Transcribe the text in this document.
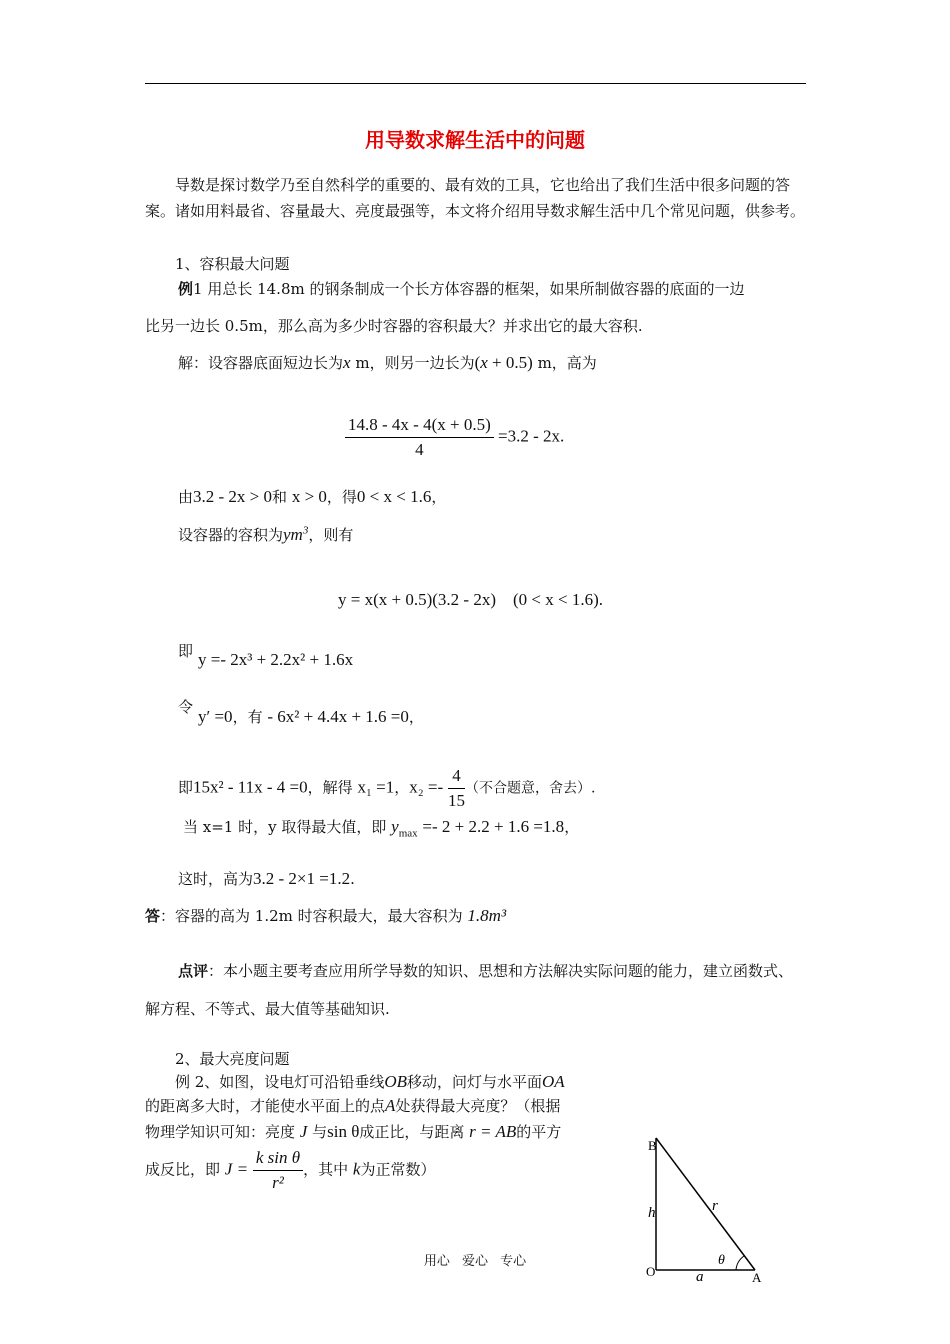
用导数求解生活中的问题
导数是探讨数学乃至自然科学的重要的、最有效的工具，它也给出了我们生活中很多问题的答案。诸如用料最省、容量最大、亮度最强等，本文将介绍用导数求解生活中几个常见问题，供参考。
1、容积最大问题
例1 用总长 14.8m 的钢条制成一个长方体容器的框架，如果所制做容器的底面的一边
比另一边长 0.5m，那么高为多少时容器的容积最大？并求出它的最大容积.
解：设容器底面短边长为x m，则另一边长为(x + 0.5) m，高为
$\frac{14.8 - 4x - 4(x + 0.5)}{4} =3.2 - 2x$.
由3.2 - 2x > 0和 x > 0，得0 < x < 1.6，
设容器的容积为$ym^3$，则有
y = x(x + 0.5)(3.2 - 2x) (0 < x < 1.6).
即 y =- 2x³ + 2.2x² + 1.6x
令 y′ =0，有 - 6x² + 4.4x + 1.6 =0，
即15x² - 11x - 4 =0，解得 x₁ =1，$x_2 =- \frac{4}{15}$ （不合题意，舍去）.
当 x=1 时，y 取得最大值，即 $y_{max} =- 2 + 2.2 + 1.6 =1.8$，
这时，高为3.2 - 2×1 =1.2.
答：容器的高为 1.2m 时容积最大，最大容积为 1.8m³
点评：本小题主要考查应用所学导数的知识、思想和方法解决实际问题的能力，建立函数式、解方程、不等式、最大值等基础知识.
2、最大亮度问题
例 2、如图，设电灯可沿铅垂线OB移动，问灯与水平面OA
的距离多大时，才能使水平面上的点A处获得最大亮度？（根据
物理学知识可知：亮度 J 与sin θ成正比，与距离 r = AB的平方
成反比，即 $J = \frac{\text{k sin θ}}{\text{r²}}$ ，其中 k为正常数）
B
O	A
h	r
a
θ
用心 爱心 专心
